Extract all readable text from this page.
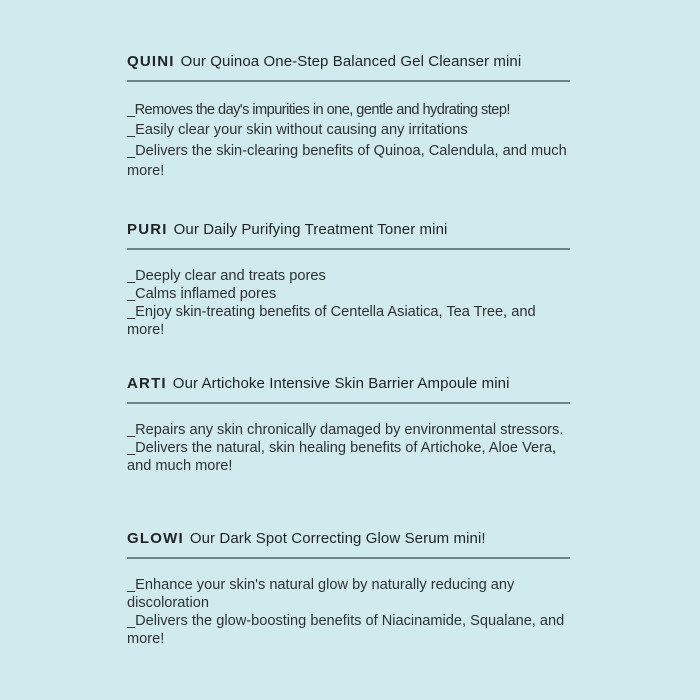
QUINI Our Quinoa One-Step Balanced Gel Cleanser mini
_Removes the day's impurities in one, gentle and hydrating step!
_Easily clear your skin without causing any irritations
_Delivers the skin-clearing benefits of Quinoa, Calendula, and much more!
PURI Our Daily Purifying Treatment Toner mini
_Deeply clear and treats pores
_Calms inflamed pores
_Enjoy skin-treating benefits of Centella Asiatica, Tea Tree, and more!
ARTI Our Artichoke Intensive Skin Barrier Ampoule mini
_Repairs any skin chronically damaged by environmental stressors.
_Delivers the natural, skin healing benefits of Artichoke, Aloe Vera, and much more!
GLOWI Our Dark Spot Correcting Glow Serum mini!
_Enhance your skin's natural glow by naturally reducing any discoloration
_Delivers the glow-boosting benefits of Niacinamide, Squalane, and more!
